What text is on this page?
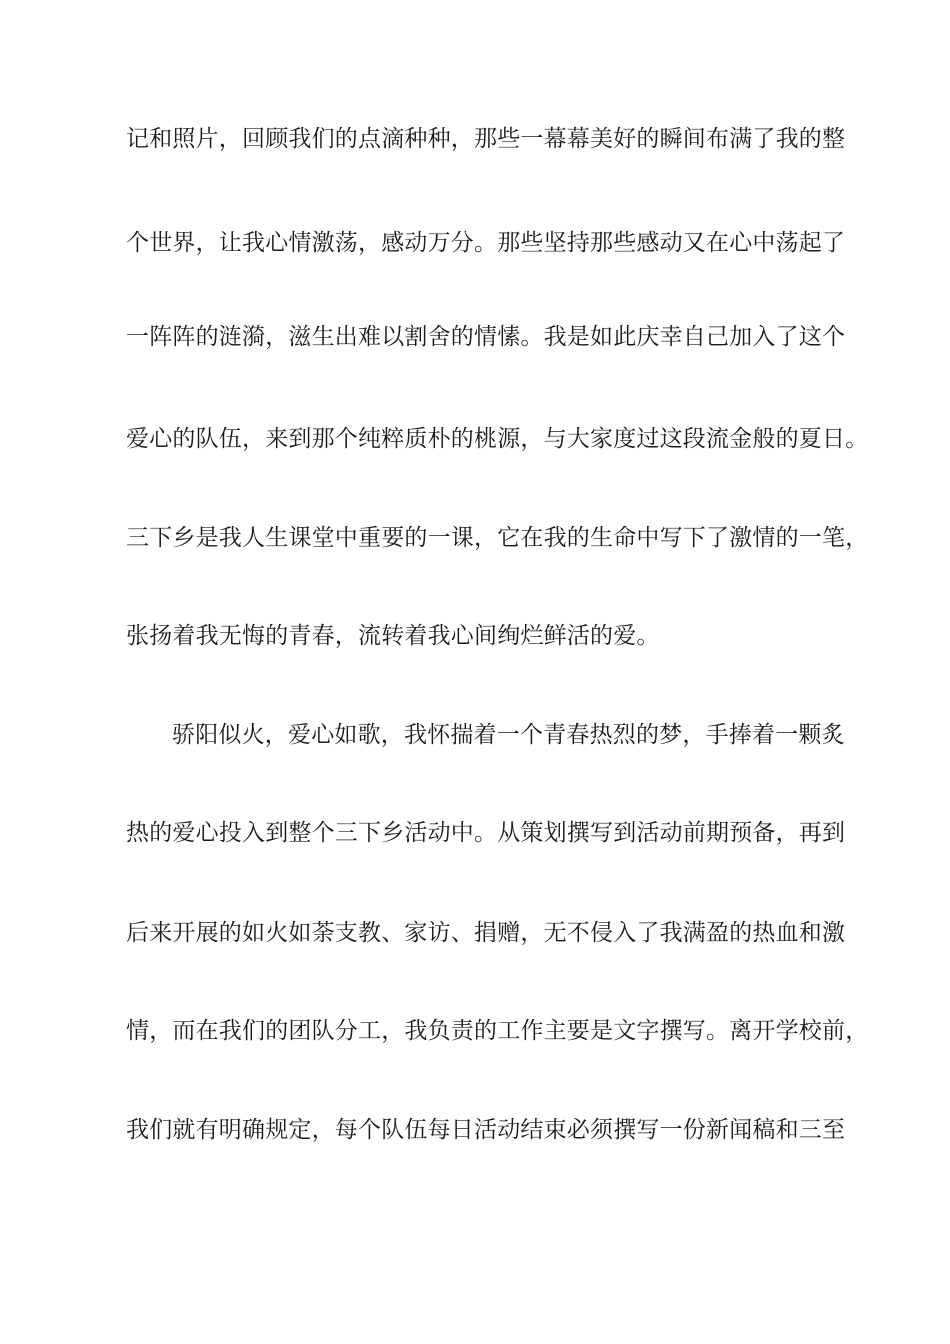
记和照片，回顾我们的点滴种种，那些一幕幕美好的瞬间布满了我的整
个世界，让我心情激荡，感动万分。那些坚持那些感动又在心中荡起了
一阵阵的涟漪，滋生出难以割舍的情愫。我是如此庆幸自己加入了这个
爱心的队伍，来到那个纯粹质朴的桃源，与大家度过这段流金般的夏日。
三下乡是我人生课堂中重要的一课，它在我的生命中写下了激情的一笔，
张扬着我无悔的青春，流转着我心间绚烂鲜活的爱。
骄阳似火，爱心如歌，我怀揣着一个青春热烈的梦，手捧着一颗炙
热的爱心投入到整个三下乡活动中。从策划撰写到活动前期预备，再到
后来开展的如火如荼支教、家访、捐赠，无不侵入了我满盈的热血和激
情，而在我们的团队分工，我负责的工作主要是文字撰写。离开学校前，
我们就有明确规定，每个队伍每日活动结束必须撰写一份新闻稿和三至
